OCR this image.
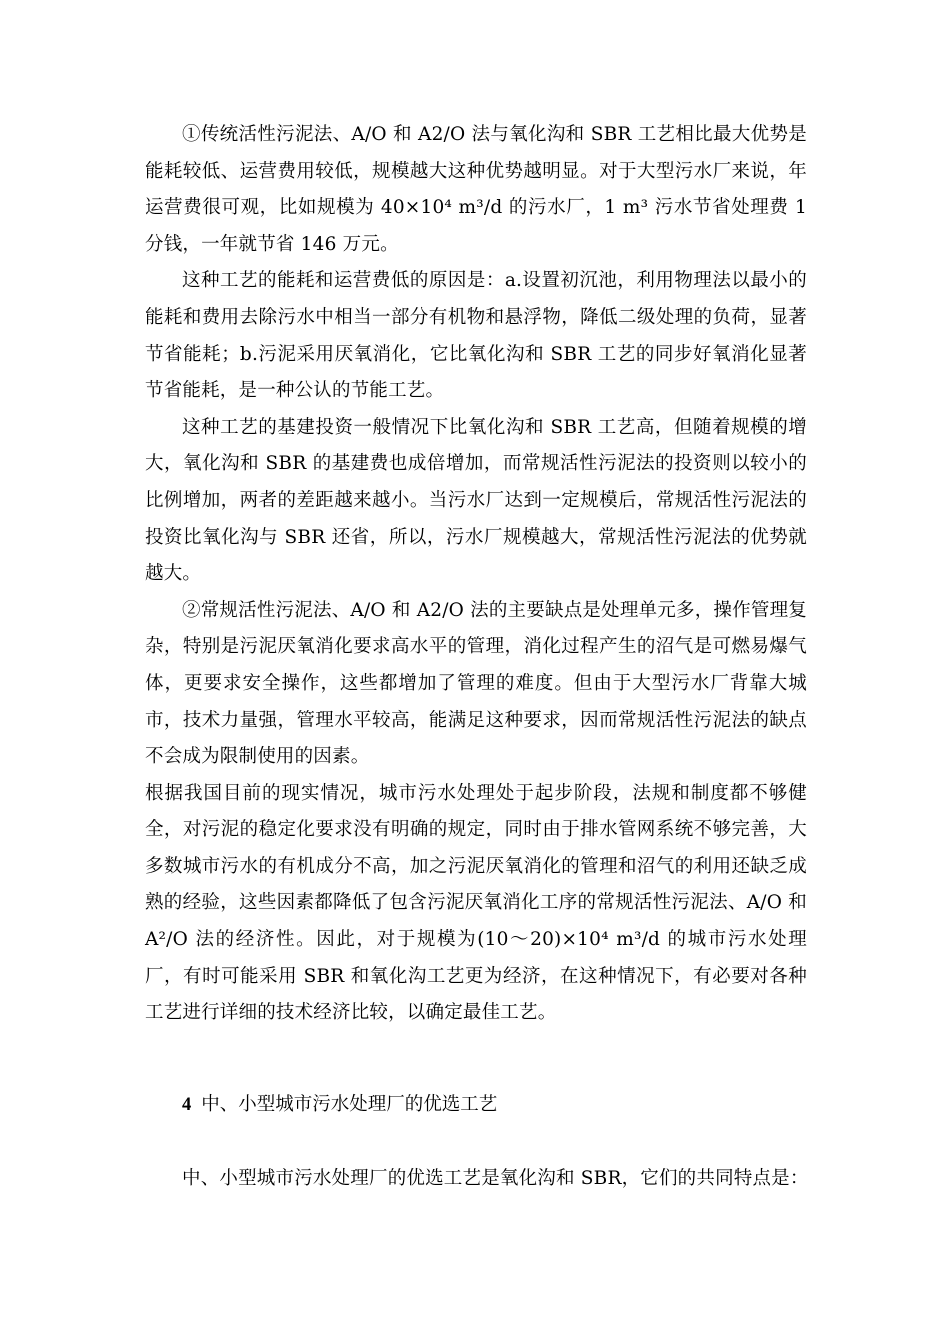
①传统活性污泥法、A/O 和 A2/O 法与氧化沟和 SBR 工艺相比最大优势是能耗较低、运营费用较低，规模越大这种优势越明显。对于大型污水厂来说，年运营费很可观，比如规模为 40×10⁴ m³/d 的污水厂，1 m³ 污水节省处理费 1 分钱，一年就节省 146 万元。

这种工艺的能耗和运营费低的原因是：a.设置初沉池，利用物理法以最小的能耗和费用去除污水中相当一部分有机物和悬浮物，降低二级处理的负荷，显著节省能耗；b.污泥采用厌氧消化，它比氧化沟和 SBR 工艺的同步好氧消化显著节省能耗，是一种公认的节能工艺。

这种工艺的基建投资一般情况下比氧化沟和 SBR 工艺高，但随着规模的增大，氧化沟和 SBR 的基建费也成倍增加，而常规活性污泥法的投资则以较小的比例增加，两者的差距越来越小。当污水厂达到一定规模后，常规活性污泥法的投资比氧化沟与 SBR 还省，所以，污水厂规模越大，常规活性污泥法的优势就越大。

②常规活性污泥法、A/O 和 A2/O 法的主要缺点是处理单元多，操作管理复杂，特别是污泥厌氧消化要求高水平的管理，消化过程产生的沼气是可燃易爆气体，更要求安全操作，这些都增加了管理的难度。但由于大型污水厂背靠大城市，技术力量强，管理水平较高，能满足这种要求，因而常规活性污泥法的缺点不会成为限制使用的因素。

根据我国目前的现实情况，城市污水处理处于起步阶段，法规和制度都不够健全，对污泥的稳定化要求没有明确的规定，同时由于排水管网系统不够完善，大多数城市污水的有机成分不高，加之污泥厌氧消化的管理和沼气的利用还缺乏成熟的经验，这些因素都降低了包含污泥厌氧消化工序的常规活性污泥法、A/O 和 A²/O 法的经济性。因此，对于规模为(10～20)×10⁴ m³/d 的城市污水处理厂，有时可能采用 SBR 和氧化沟工艺更为经济，在这种情况下，有必要对各种工艺进行详细的技术经济比较，以确定最佳工艺。

4 中、小型城市污水处理厂的优选工艺

中、小型城市污水处理厂的优选工艺是氧化沟和 SBR，它们的共同特点是：
